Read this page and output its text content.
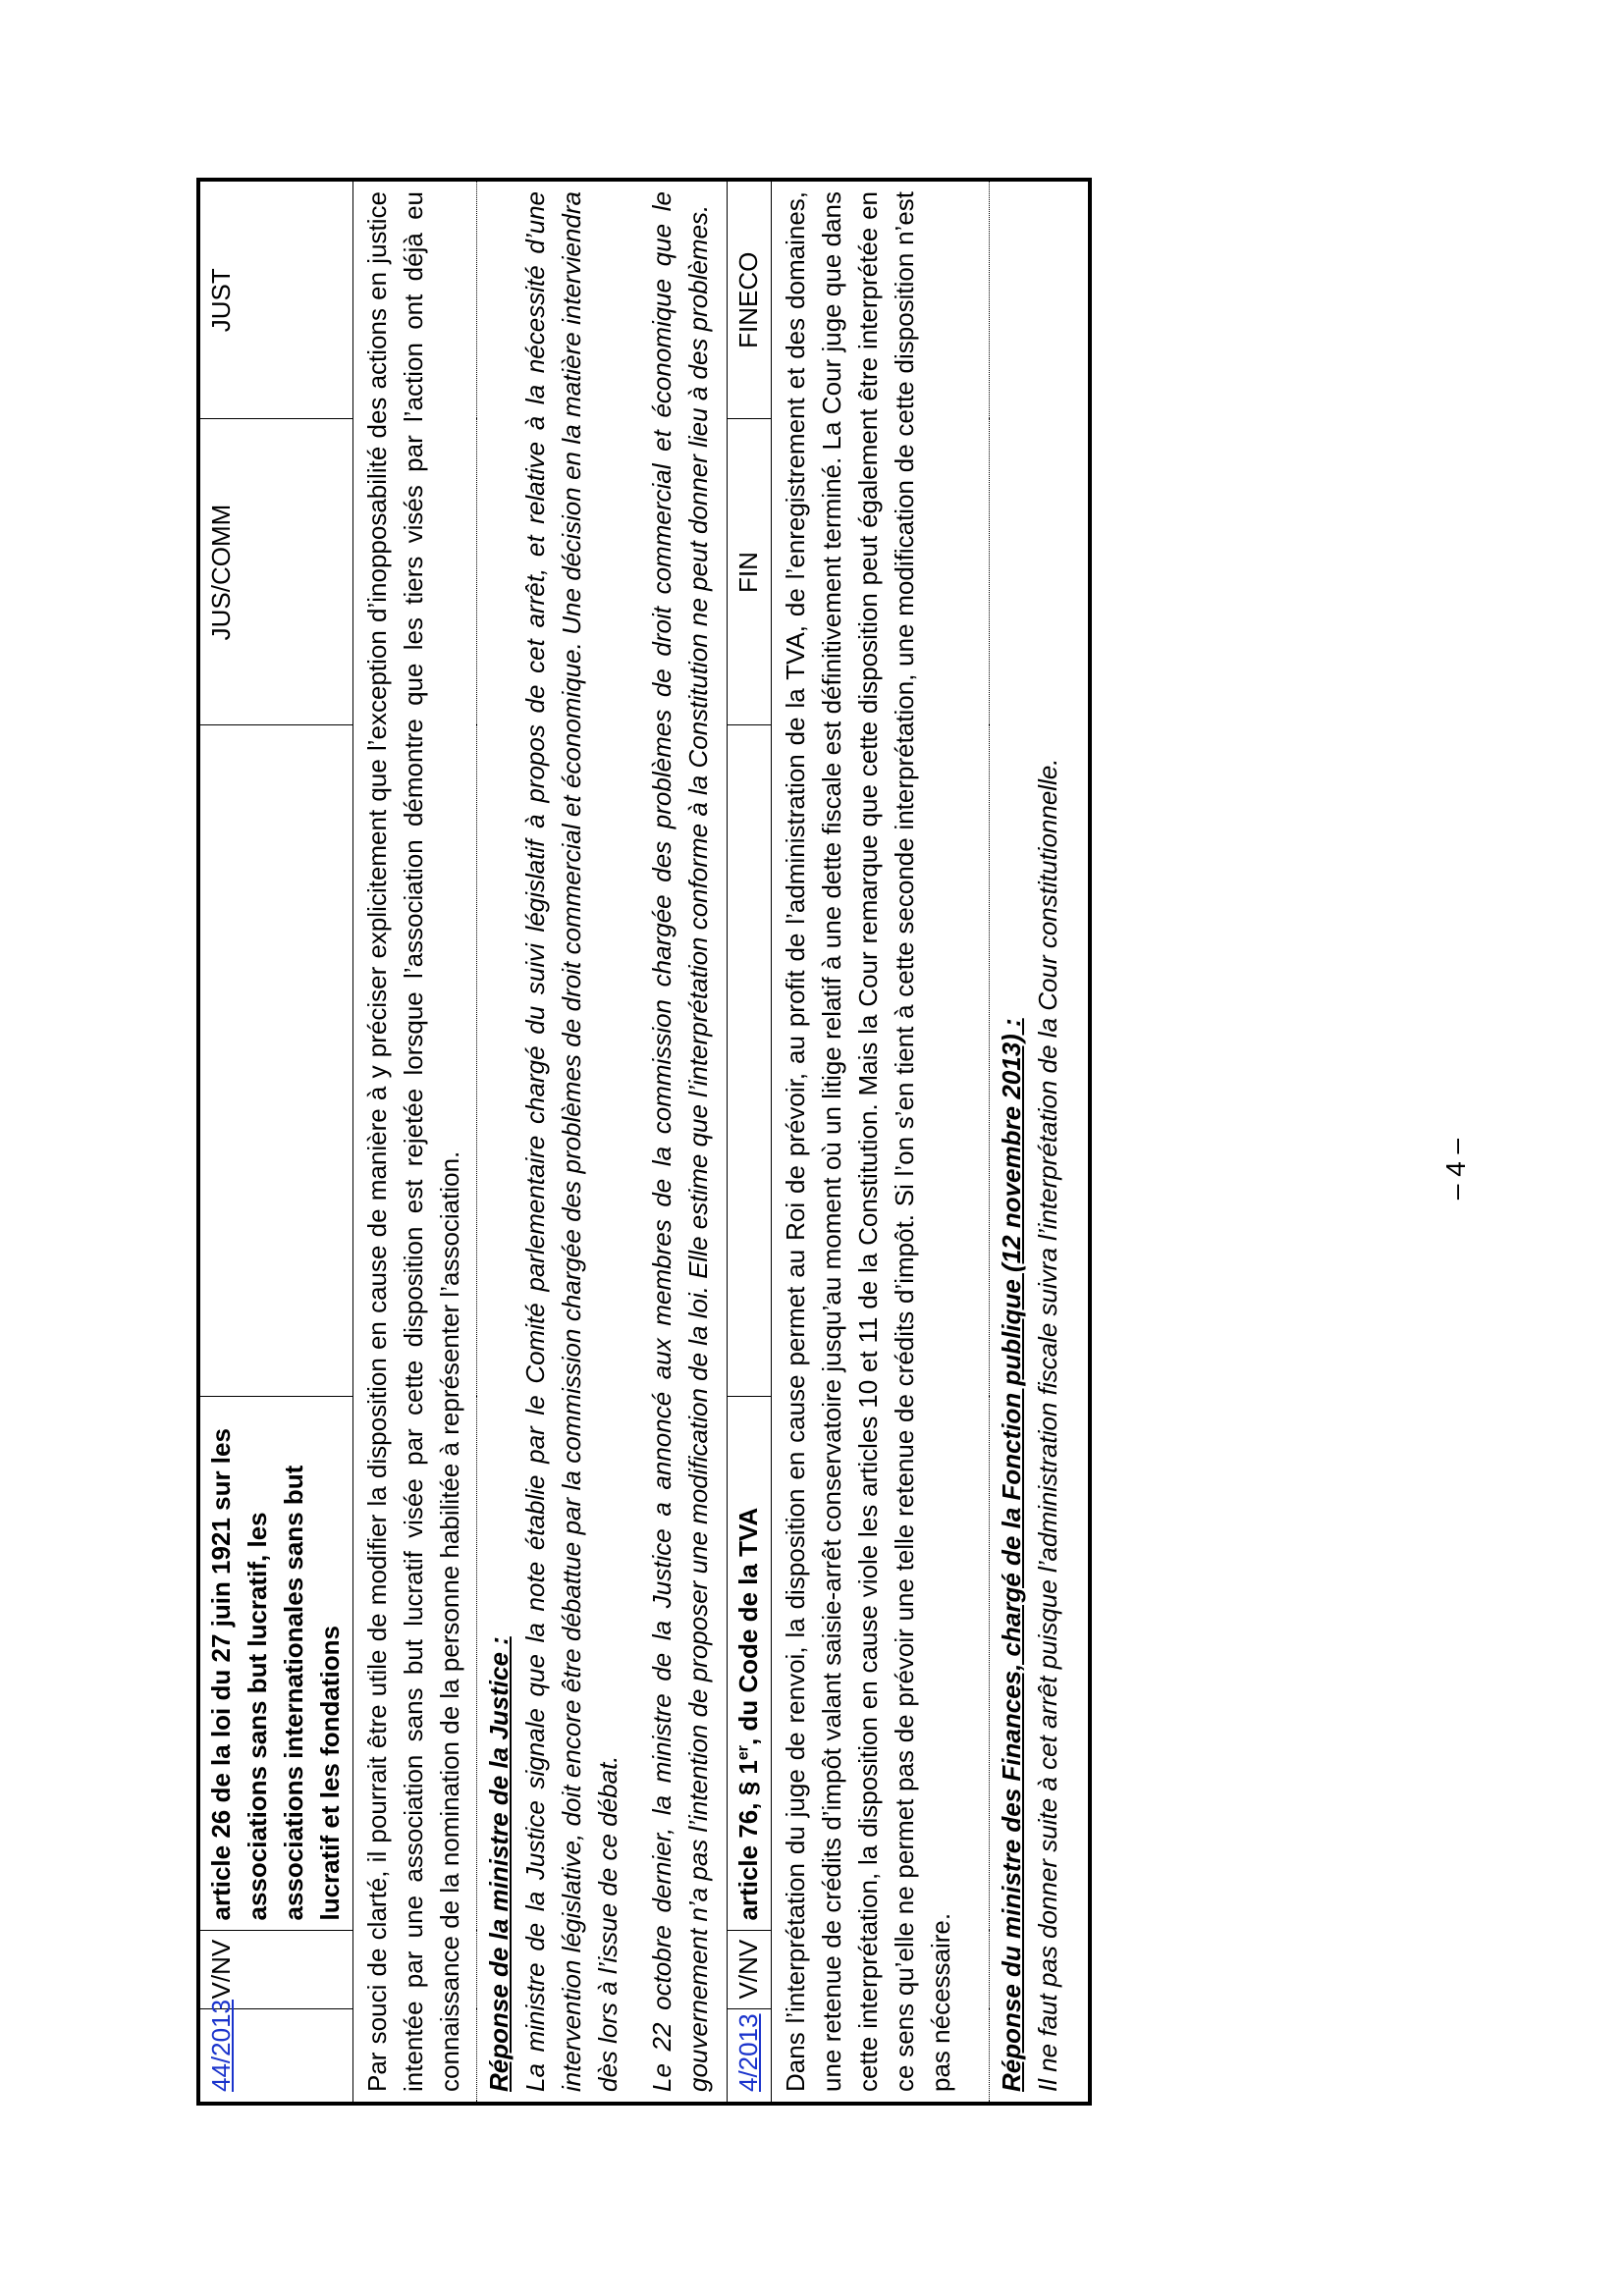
44/2013	V/NV	article 26 de la loi du 27 juin 1921 sur les associations sans but lucratif, les associations internationales sans but lucratif et les fondations		JUS/COMM	JUST

Par souci de clarté, il pourrait être utile de modifier la disposition en cause de manière à y préciser explicitement que l’exception d’inopposabilité des actions en justice intentée par une association sans but lucratif visée par cette disposition est rejetée lorsque l’association démontre que les tiers visés par l’action ont déjà eu connaissance de la nomination de la personne habilitée à représenter l’association.					

Réponse de la ministre de la Justice : La ministre de la Justice signale que la note établie par le Comité parlementaire chargé du suivi législatif à propos de cet arrêt, et relative à la nécessité d’une intervention législative, doit encore être débattue par la commission chargée des problèmes de droit commercial et économique. Une décision en la matière interviendra dès lors à l’issue de ce débat. Le 22 octobre dernier, la ministre de la Justice a annoncé aux membres de la commission chargée des problèmes de droit commercial et économique que le gouvernement n’a pas l’intention de proposer une modification de la loi. Elle estime que l’interprétation conforme à la Constitution ne peut donner lieu à des problèmes.					

4/2013	V/NV	article 76, § 1er, du Code de la TVA		FIN	FINECO

Dans l’interprétation du juge de renvoi, la disposition en cause permet au Roi de prévoir, au profit de l’administration de la TVA, de l’enregistrement et des domaines, une retenue de crédits d’impôt valant saisie-arrêt conservatoire jusqu’au moment où un litige relatif à une dette fiscale est définitivement terminé. La Cour juge que dans cette interprétation, la disposition en cause viole les articles 10 et 11 de la Constitution. Mais la Cour remarque que cette disposition peut également être interprétée en ce sens qu’elle ne permet pas de prévoir une telle retenue de crédits d’impôt. Si l’on s’en tient à cette seconde interprétation, une modification de cette disposition n’est pas nécessaire.					

Réponse du ministre des Finances, chargé de la Fonction publique (12 novembre 2013) : Il ne faut pas donner suite à cet arrêt puisque l’administration fiscale suivra l’interprétation de la Cour constitutionnelle.						– 4 –
